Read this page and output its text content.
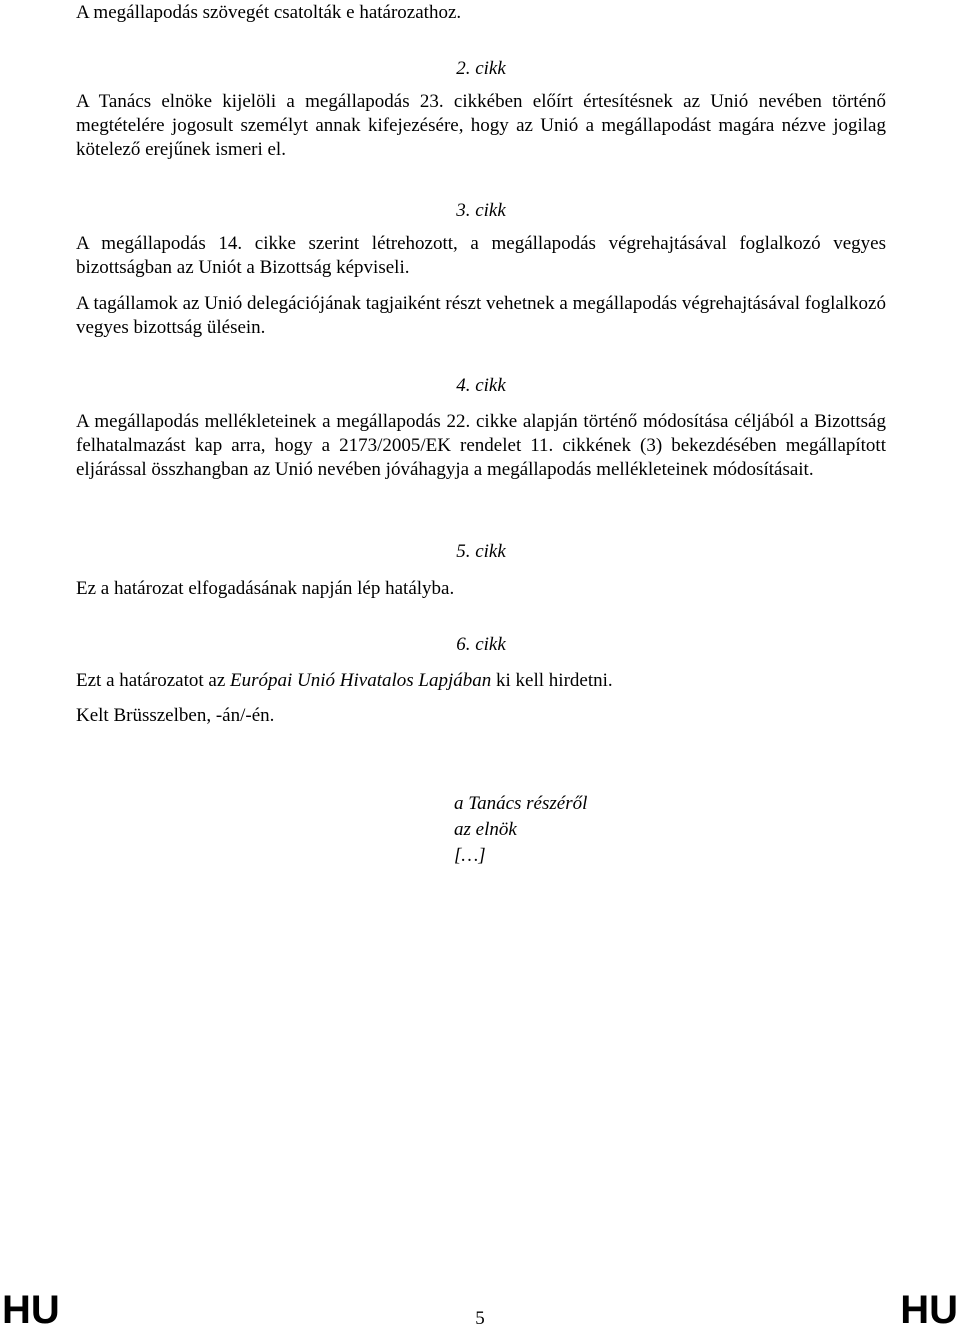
A megállapodás szövegét csatolták e határozathoz.

2. cikk

A Tanács elnöke kijelöli a megállapodás 23. cikkében előírt értesítésnek az Unió nevében történő megtételére jogosult személyt annak kifejezésére, hogy az Unió a megállapodást magára nézve jogilag kötelező erejűnek ismeri el.

3. cikk

A megállapodás 14. cikke szerint létrehozott, a megállapodás végrehajtásával foglalkozó vegyes bizottságban az Uniót a Bizottság képviseli.

A tagállamok az Unió delegációjának tagjaiként részt vehetnek a megállapodás végrehajtásával foglalkozó vegyes bizottság ülésein.

4. cikk

A megállapodás mellékleteinek a megállapodás 22. cikke alapján történő módosítása céljából a Bizottság felhatalmazást kap arra, hogy a 2173/2005/EK rendelet 11. cikkének (3) bekezdésében megállapított eljárással összhangban az Unió nevében jóváhagyja a megállapodás mellékleteinek módosításait.

5. cikk

Ez a határozat elfogadásának napján lép hatályba.

6. cikk

Ezt a határozatot az Európai Unió Hivatalos Lapjában ki kell hirdetni.

Kelt Brüsszelben, -án/-én.

a Tanács részéről
az elnök
[…]
HU	5	HU
